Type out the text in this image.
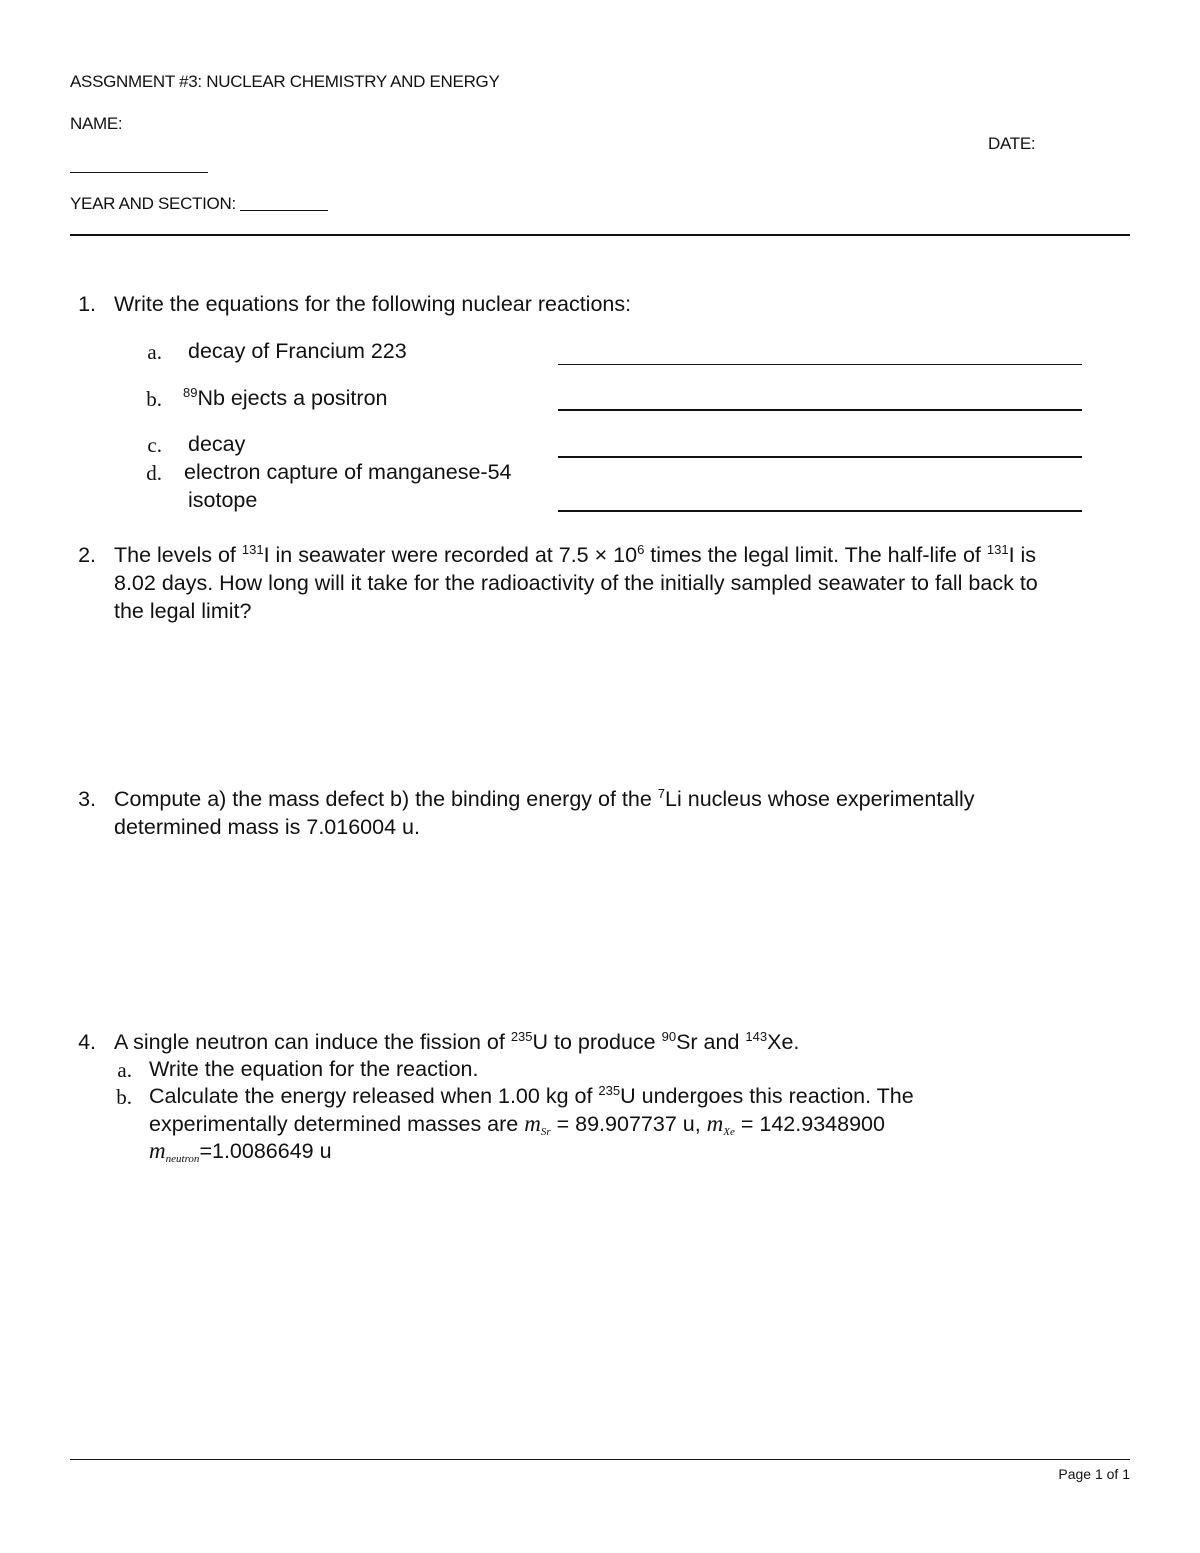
ASSGNMENT #3: NUCLEAR CHEMISTRY AND ENERGY
NAME:
DATE:
YEAR AND SECTION:
1. Write the equations for the following nuclear reactions:
a. decay of Francium 223
b. $^{89}$Nb ejects a positron
c. decay
d. electron capture of manganese-54
isotope
2. The levels of $^{131}$I in seawater were recorded at $7.5 \times 10^6$ times the legal limit. The half-life of $^{131}$I is
8.02 days. How long will it take for the radioactivity of the initially sampled seawater to fall back to
the legal limit?
3. Compute a) the mass defect b) the binding energy of the $^7$Li nucleus whose experimentally
determined mass is 7.016004 u.
4. A single neutron can induce the fission of $^{235}$U to produce $^{90}$Sr and $^{143}$Xe.
a. Write the equation for the reaction.
b. Calculate the energy released when 1.00 kg of $^{235}$U undergoes this reaction. The
experimentally determined masses are $m_{Sr} = 89.907737$ u, $m_{Xe} = 142.9348900$
$m_{neutron}=1.0086649$ u
Page 1 of 1
